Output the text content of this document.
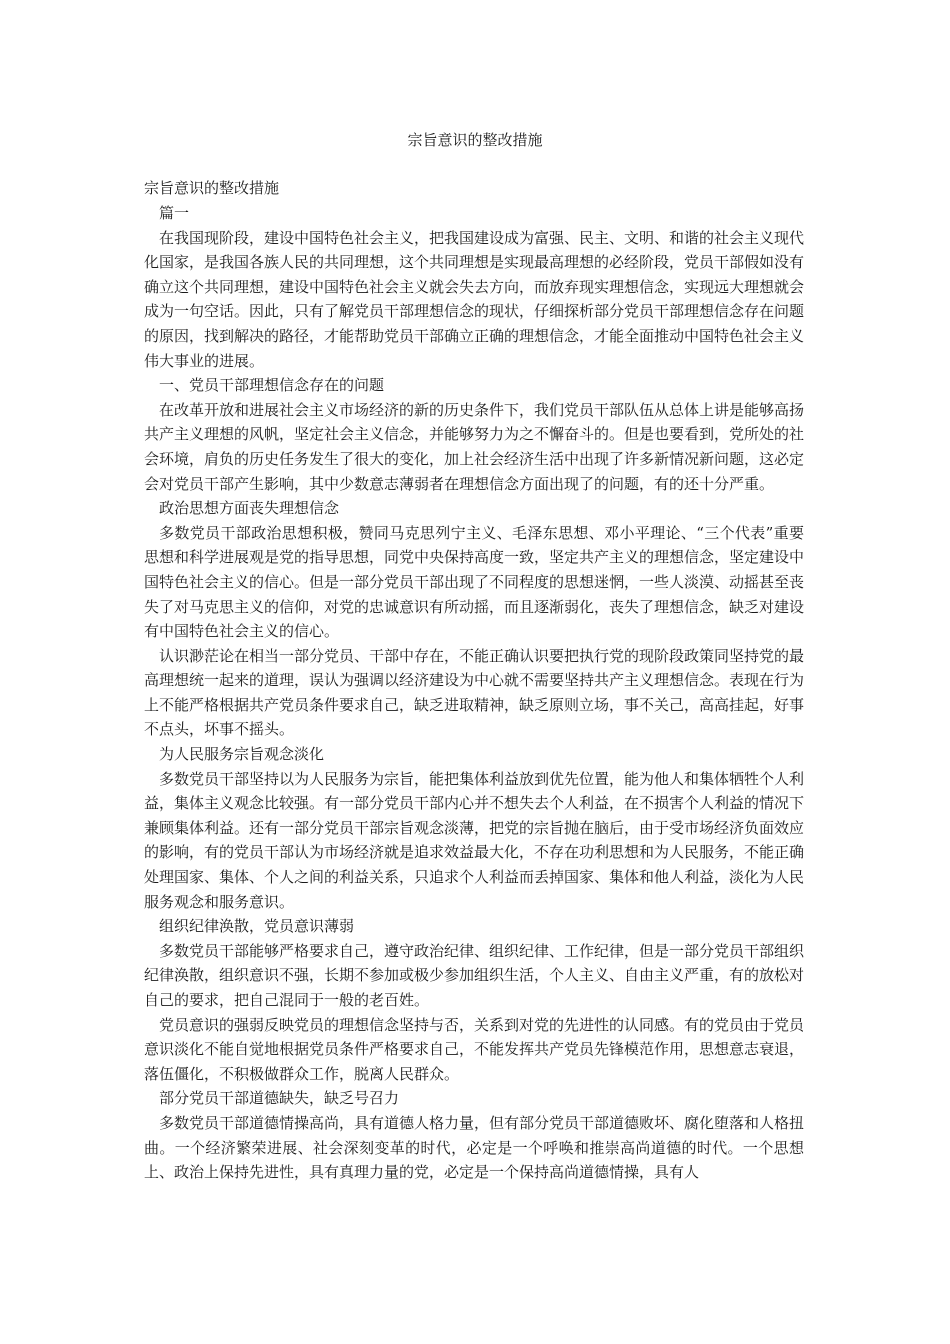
宗旨意识的整改措施

宗旨意识的整改措施

篇一

在我国现阶段，建设中国特色社会主义，把我国建设成为富强、民主、文明、和谐的社会主义现代化国家，是我国各族人民的共同理想，这个共同理想是实现最高理想的必经阶段，党员干部假如没有确立这个共同理想，建设中国特色社会主义就会失去方向，而放弃现实理想信念，实现远大理想就会成为一句空话。因此，只有了解党员干部理想信念的现状，仔细探析部分党员干部理想信念存在问题的原因，找到解决的路径，才能帮助党员干部确立正确的理想信念，才能全面推动中国特色社会主义伟大事业的进展。

一、党员干部理想信念存在的问题

在改革开放和进展社会主义市场经济的新的历史条件下，我们党员干部队伍从总体上讲是能够高扬共产主义理想的风帆，坚定社会主义信念，并能够努力为之不懈奋斗的。但是也要看到，党所处的社会环境，肩负的历史任务发生了很大的变化，加上社会经济生活中出现了许多新情况新问题，这必定会对党员干部产生影响，其中少数意志薄弱者在理想信念方面出现了的问题，有的还十分严重。

政治思想方面丧失理想信念

多数党员干部政治思想积极，赞同马克思列宁主义、毛泽东思想、邓小平理论、“三个代表”重要思想和科学进展观是党的指导思想，同党中央保持高度一致，坚定共产主义的理想信念，坚定建设中国特色社会主义的信心。但是一部分党员干部出现了不同程度的思想迷惘，一些人淡漠、动摇甚至丧失了对马克思主义的信仰，对党的忠诚意识有所动摇，而且逐渐弱化，丧失了理想信念，缺乏对建设有中国特色社会主义的信心。

认识渺茫论在相当一部分党员、干部中存在，不能正确认识要把执行党的现阶段政策同坚持党的最高理想统一起来的道理，误认为强调以经济建设为中心就不需要坚持共产主义理想信念。表现在行为上不能严格根据共产党员条件要求自己，缺乏进取精神，缺乏原则立场，事不关己，高高挂起，好事不点头，坏事不摇头。

为人民服务宗旨观念淡化

多数党员干部坚持以为人民服务为宗旨，能把集体利益放到优先位置，能为他人和集体牺牲个人利益，集体主义观念比较强。有一部分党员干部内心并不想失去个人利益，在不损害个人利益的情况下兼顾集体利益。还有一部分党员干部宗旨观念淡薄，把党的宗旨抛在脑后，由于受市场经济负面效应的影响，有的党员干部认为市场经济就是追求效益最大化，不存在功利思想和为人民服务，不能正确处理国家、集体、个人之间的利益关系，只追求个人利益而丢掉国家、集体和他人利益，淡化为人民服务观念和服务意识。

组织纪律涣散，党员意识薄弱

多数党员干部能够严格要求自己，遵守政治纪律、组织纪律、工作纪律，但是一部分党员干部组织纪律涣散，组织意识不强，长期不参加或极少参加组织生活，个人主义、自由主义严重，有的放松对自己的要求，把自己混同于一般的老百姓。

党员意识的强弱反映党员的理想信念坚持与否，关系到对党的先进性的认同感。有的党员由于党员意识淡化不能自觉地根据党员条件严格要求自己，不能发挥共产党员先锋模范作用，思想意志衰退，落伍僵化，不积极做群众工作，脱离人民群众。

部分党员干部道德缺失，缺乏号召力

多数党员干部道德情操高尚，具有道德人格力量，但有部分党员干部道德败坏、腐化堕落和人格扭曲。一个经济繁荣进展、社会深刻变革的时代，必定是一个呼唤和推崇高尚道德的时代。一个思想上、政治上保持先进性，具有真理力量的党，必定是一个保持高尚道德情操，具有人
